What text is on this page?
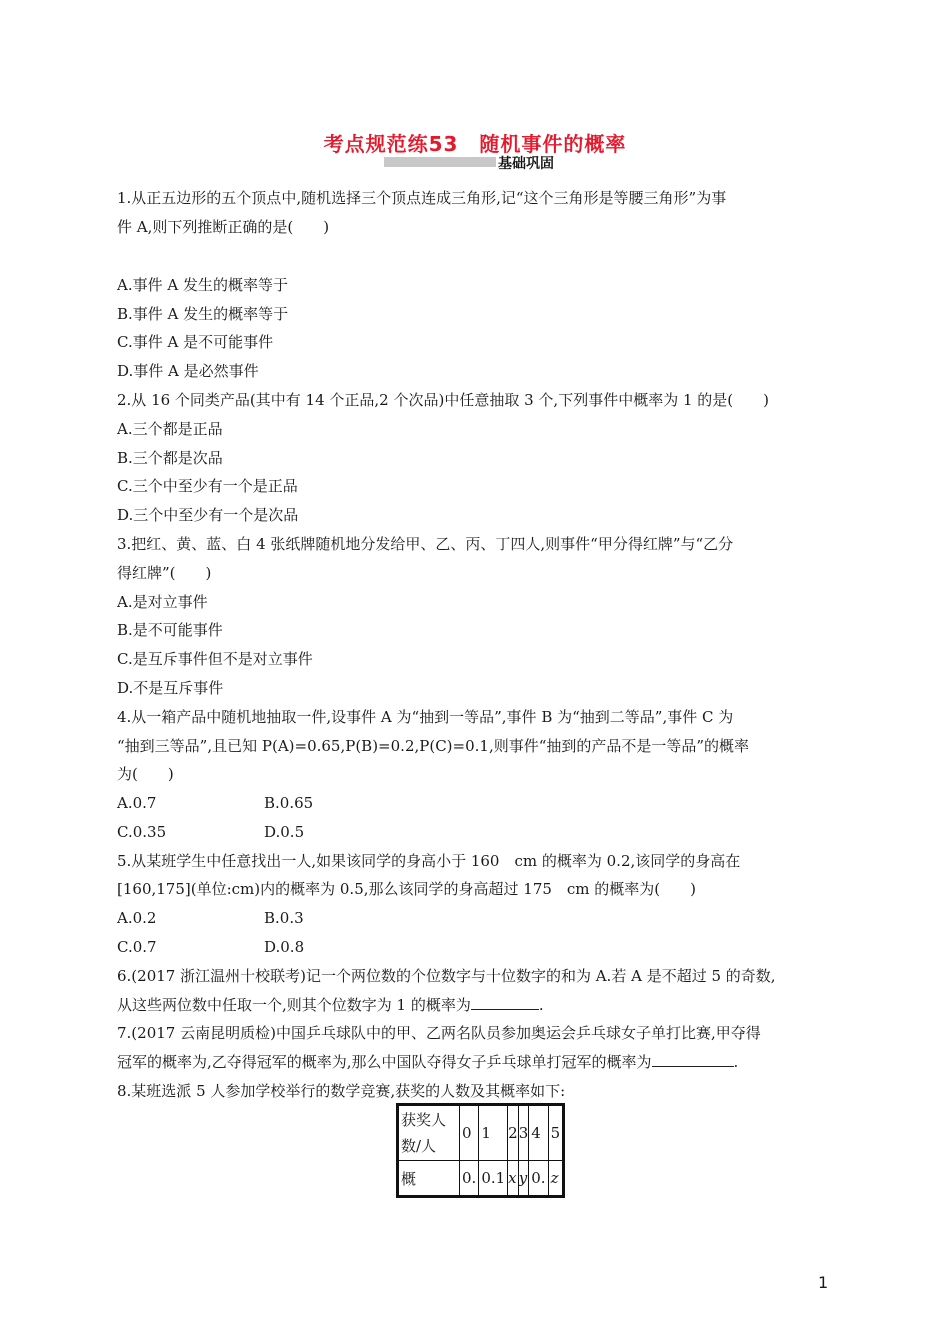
考点规范练53　随机事件的概率
基础巩固
1.从正五边形的五个顶点中,随机选择三个顶点连成三角形,记“这个三角形是等腰三角形”为事
件 A,则下列推断正确的是(　　)
A.事件 A 发生的概率等于
B.事件 A 发生的概率等于
C.事件 A 是不可能事件
D.事件 A 是必然事件
2.从 16 个同类产品(其中有 14 个正品,2 个次品)中任意抽取 3 个,下列事件中概率为 1 的是(　　)
A.三个都是正品
B.三个都是次品
C.三个中至少有一个是正品
D.三个中至少有一个是次品
3.把红、黄、蓝、白 4 张纸牌随机地分发给甲、乙、丙、丁四人,则事件“甲分得红牌”与“乙分
得红牌”(　　)
A.是对立事件
B.是不可能事件
C.是互斥事件但不是对立事件
D.不是互斥事件
4.从一箱产品中随机地抽取一件,设事件 A 为“抽到一等品”,事件 B 为“抽到二等品”,事件 C 为
“抽到三等品”,且已知 P(A)=0.65,P(B)=0.2,P(C)=0.1,则事件“抽到的产品不是一等品”的概率
为(　　)
A.0.7	B.0.65
C.0.35	D.0.5
5.从某班学生中任意找出一人,如果该同学的身高小于 160　cm 的概率为 0.2,该同学的身高在
[160,175](单位:cm)内的概率为 0.5,那么该同学的身高超过 175　cm 的概率为(　　)
A.0.2	B.0.3
C.0.7	D.0.8
6.(2017 浙江温州十校联考)记一个两位数的个位数字与十位数字的和为 A.若 A 是不超过 5 的奇数,
从这些两位数中任取一个,则其个位数字为 1 的概率为	.
7.(2017 云南昆明质检)中国乒乓球队中的甲、乙两名队员参加奥运会乒乓球女子单打比赛,甲夺得
冠军的概率为,乙夺得冠军的概率为,那么中国队夺得女子乒乓球单打冠军的概率为	.
8.某班选派 5 人参加学校举行的数学竞赛,获奖的人数及其概率如下:
获奖人数/人	0	1	2	3	4	5
概	0.	0.1	x	y	0.	z
1
